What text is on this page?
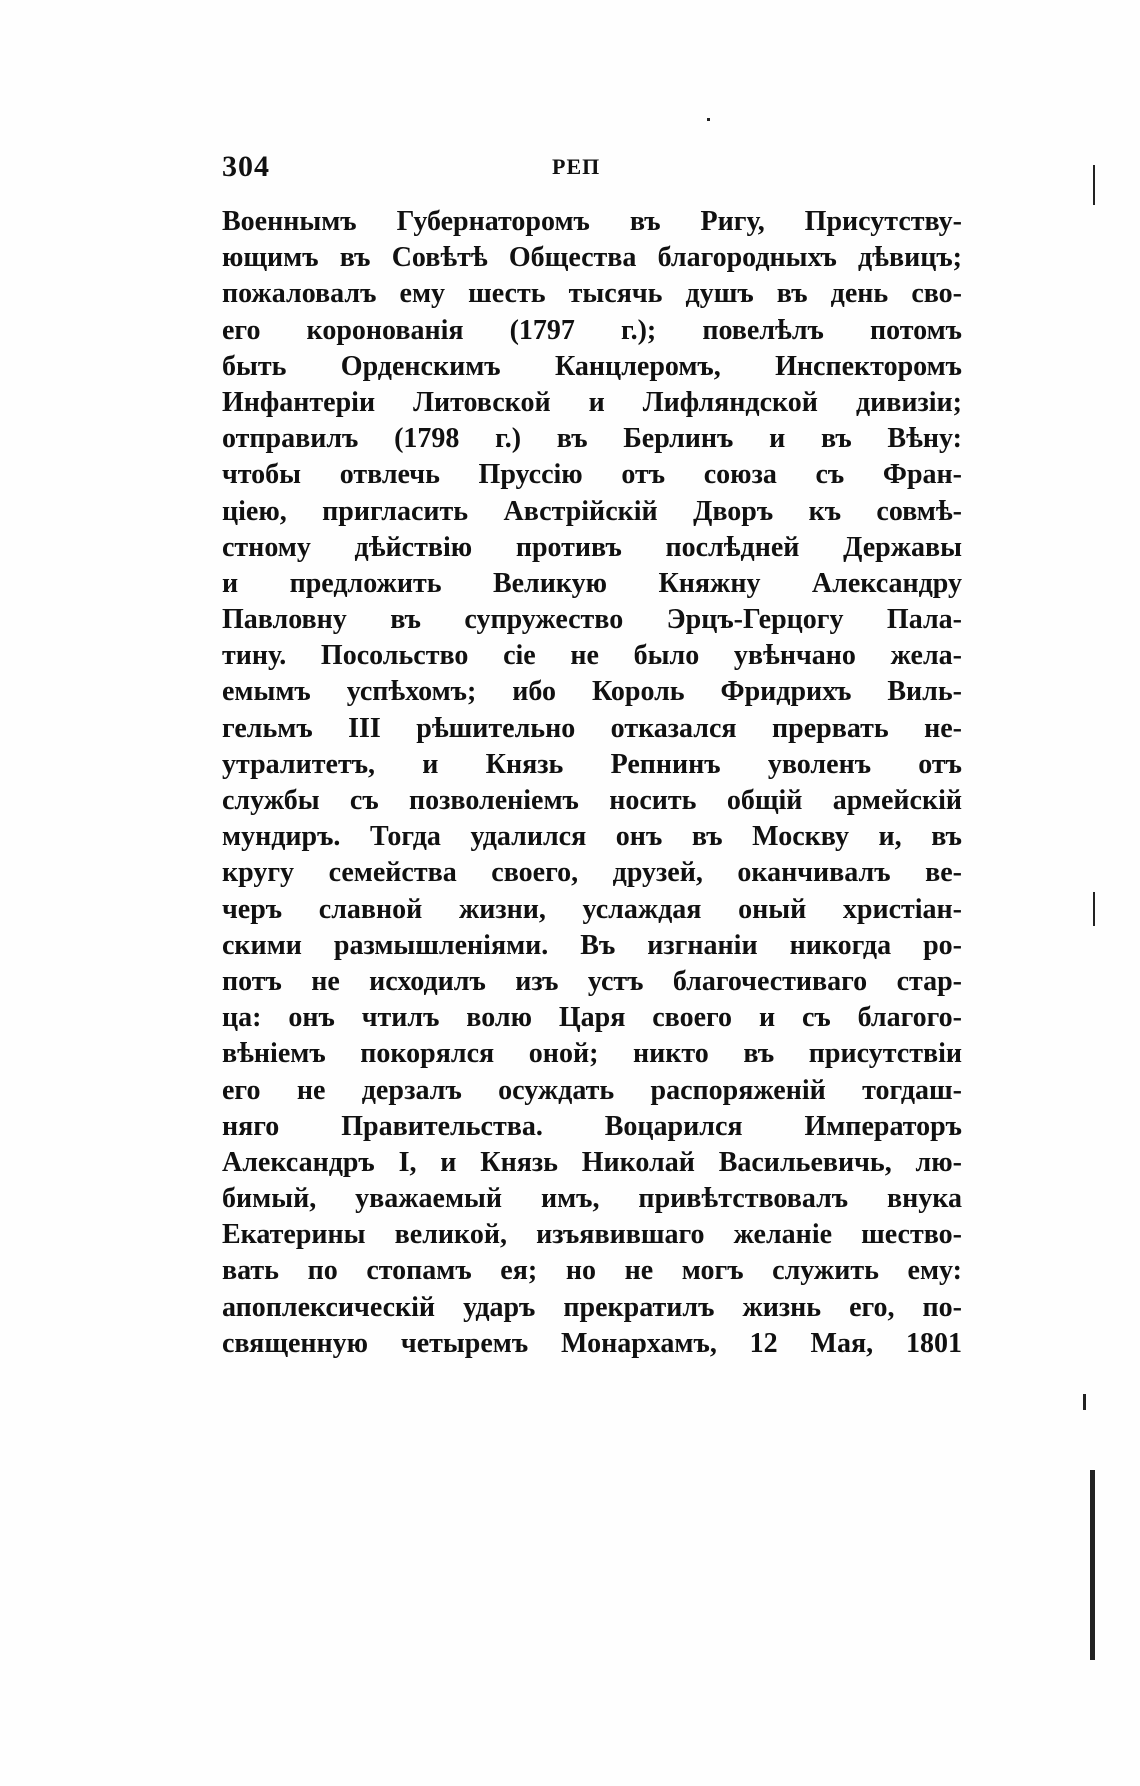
304	РЕП
Военнымъ Губернаторомъ въ Ригу, Присутству-
ющимъ въ Совѣтѣ Общества благородныхъ дѣвицъ;
пожаловалъ ему шесть тысячь душъ въ день сво-
его коронованія (1797 г.); повелѣлъ потомъ
быть Орденскимъ Канцлеромъ, Инспекторомъ
Инфантеріи Литовской и Лифляндской дивизіи;
отправилъ (1798 г.) въ Берлинъ и въ Вѣну:
чтобы отвлечь Пруссію отъ союза съ Фран-
ціею, пригласить Австрійскій Дворъ къ совмѣ-
стному дѣйствію противъ послѣдней Державы
и предложить Великую Княжну Александру
Павловну въ супружество Эрцъ-Герцогу Пала-
тину. Посольство сіе не было увѣнчано жела-
емымъ успѣхомъ; ибо Король Фридрихъ Виль-
гельмъ III рѣшительно отказался прервать не-
утралитетъ, и Князь Репнинъ уволенъ отъ
службы съ позволеніемъ носить общій армейскій
мундиръ. Тогда удалился онъ въ Москву и, въ
кругу семейства своего, друзей, оканчивалъ ве-
черъ славной жизни, услаждая оный христіан-
скими размышленіями. Въ изгнаніи никогда ро-
потъ не исходилъ изъ устъ благочестиваго стар-
ца: онъ чтилъ волю Царя своего и съ благого-
вѣніемъ покорялся оной; никто въ присутствіи
его не дерзалъ осуждать распоряженій тогдаш-
няго Правительства. Воцарился Императоръ
Александръ I, и Князь Николай Васильевичь, лю-
бимый, уважаемый имъ, привѣтствовалъ внука
Екатерины великой, изъявившаго желаніе шество-
вать по стопамъ ея; но не могъ служить ему:
апоплексическій ударъ прекратилъ жизнь его, по-
священную четыремъ Монархамъ, 12 Мая, 1801
